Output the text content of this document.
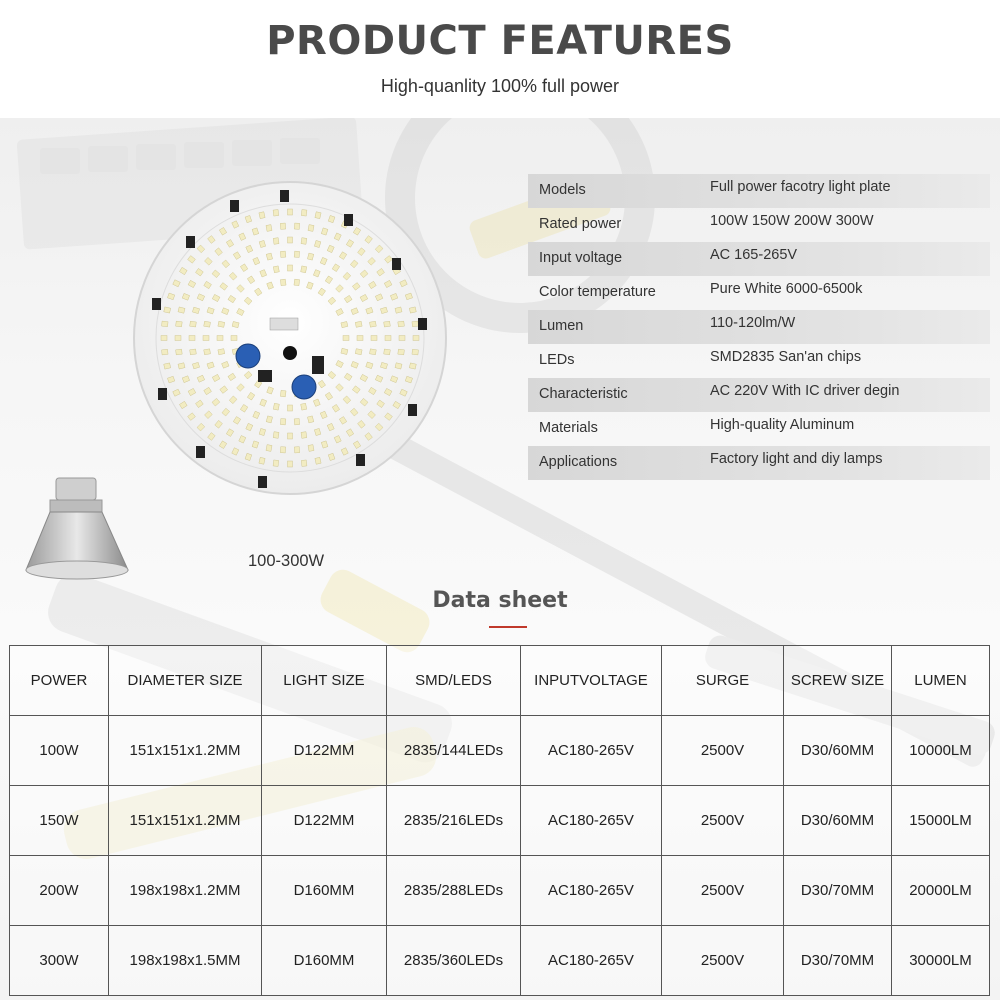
PRODUCT FEATURES
High-quanlity 100% full power
100-300W
Models	Full power facotry light plate
Rated power	100W 150W 200W 300W
Input voltage	AC 165-265V
Color temperature	Pure White 6000-6500k
Lumen	110-120lm/W
LEDs	SMD2835 San'an chips
Characteristic	AC 220V With IC driver degin
Materials	High-quality Aluminum
Applications	Factory light and diy lamps
Data sheet
POWER	DIAMETER SIZE	LIGHT SIZE	SMD/LEDS	INPUTVOLTAGE	SURGE	SCREW SIZE	LUMEN
100W	151x151x1.2MM	D122MM	2835/144LEDs	AC180-265V	2500V	D30/60MM	10000LM
150W	151x151x1.2MM	D122MM	2835/216LEDs	AC180-265V	2500V	D30/60MM	15000LM
200W	198x198x1.2MM	D160MM	2835/288LEDs	AC180-265V	2500V	D30/70MM	20000LM
300W	198x198x1.5MM	D160MM	2835/360LEDs	AC180-265V	2500V	D30/70MM	30000LM
